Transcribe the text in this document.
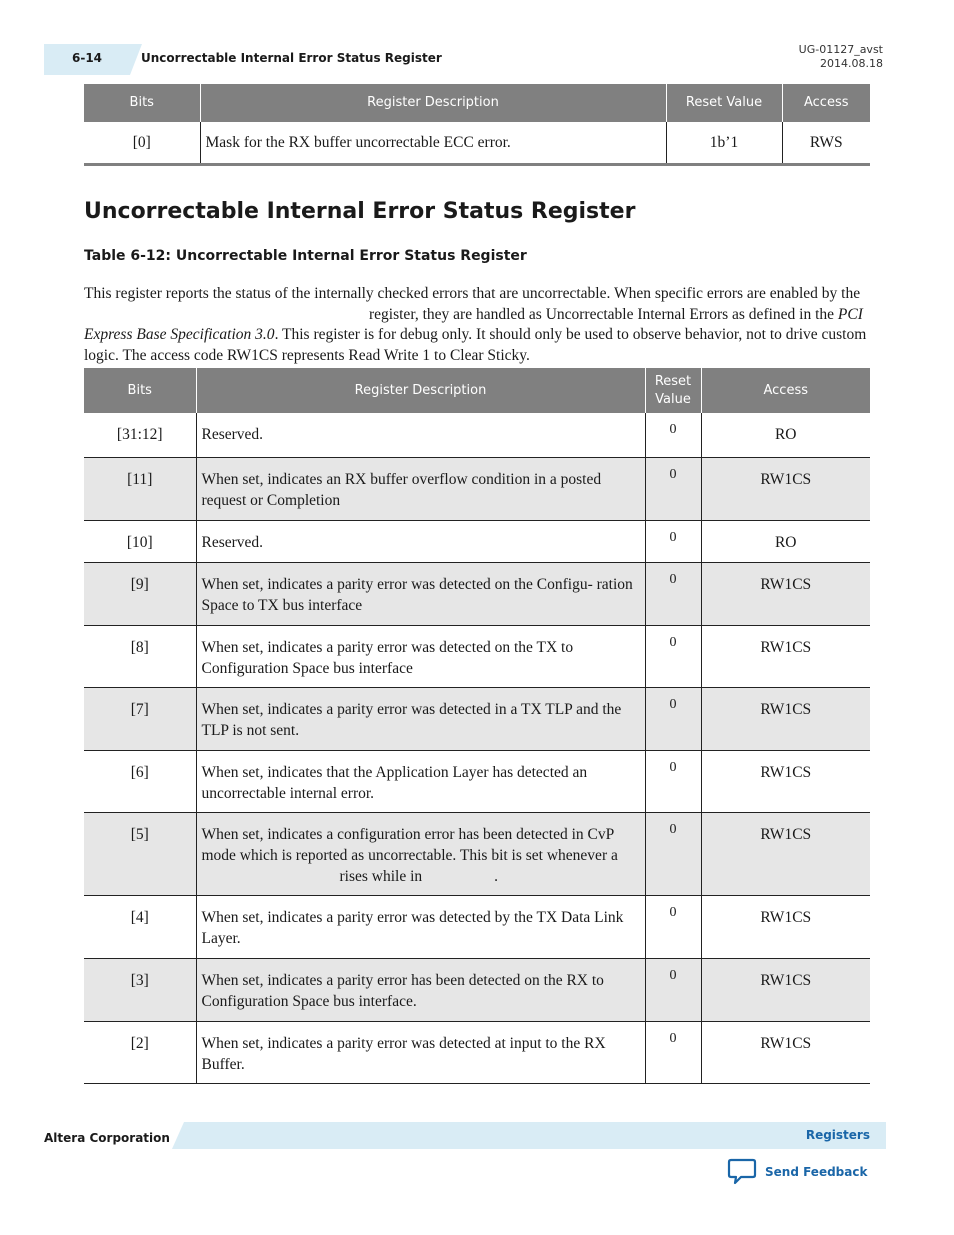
6-14	Uncorrectable Internal Error Status Register
UG-01127_avst
2014.08.18
Bits	Register Description	Reset Value	Access
[0]	Mask for the RX buffer uncorrectable ECC error.	1b’1	RWS
Uncorrectable Internal Error Status Register

Table 6-12: Uncorrectable Internal Error Status Register

This register reports the status of the internally checked errors that are uncorrectable. When specific errors are enabled by theregister, they are handled as Uncorrectable Internal Errors as defined in the PCI Express Base Specification 3.0. This register is for debug only. It should only be used to observe behavior, not to drive custom logic. The access code RW1CS represents Read Write 1 to Clear Sticky.

Bits	Register Description	Reset Value	Access
[31:12]	Reserved.	0	RO
[11]	When set, indicates an RX buffer overflow condition in a posted request or Completion	0	RW1CS
[10]	Reserved.	0	RO
[9]	When set, indicates a parity error was detected on the Configu- ration Space to TX bus interface	0	RW1CS
[8]	When set, indicates a parity error was detected on the TX to Configuration Space bus interface	0	RW1CS
[7]	When set, indicates a parity error was detected in a TX TLP and the TLP is not sent.	0	RW1CS
[6]	When set, indicates that the Application Layer has detected an uncorrectable internal error.	0	RW1CS
[5]	When set, indicates a configuration error has been detected in CvP mode which is reported as uncorrectable. This bit is set whenever arises while in .	0	RW1CS
[4]	When set, indicates a parity error was detected by the TX Data Link Layer.	0	RW1CS
[3]	When set, indicates a parity error has been detected on the RX to Configuration Space bus interface.	0	RW1CS
[2]	When set, indicates a parity error was detected at input to the RX Buffer.	0	RW1CS
Altera Corporation	Registers
Send Feedback
